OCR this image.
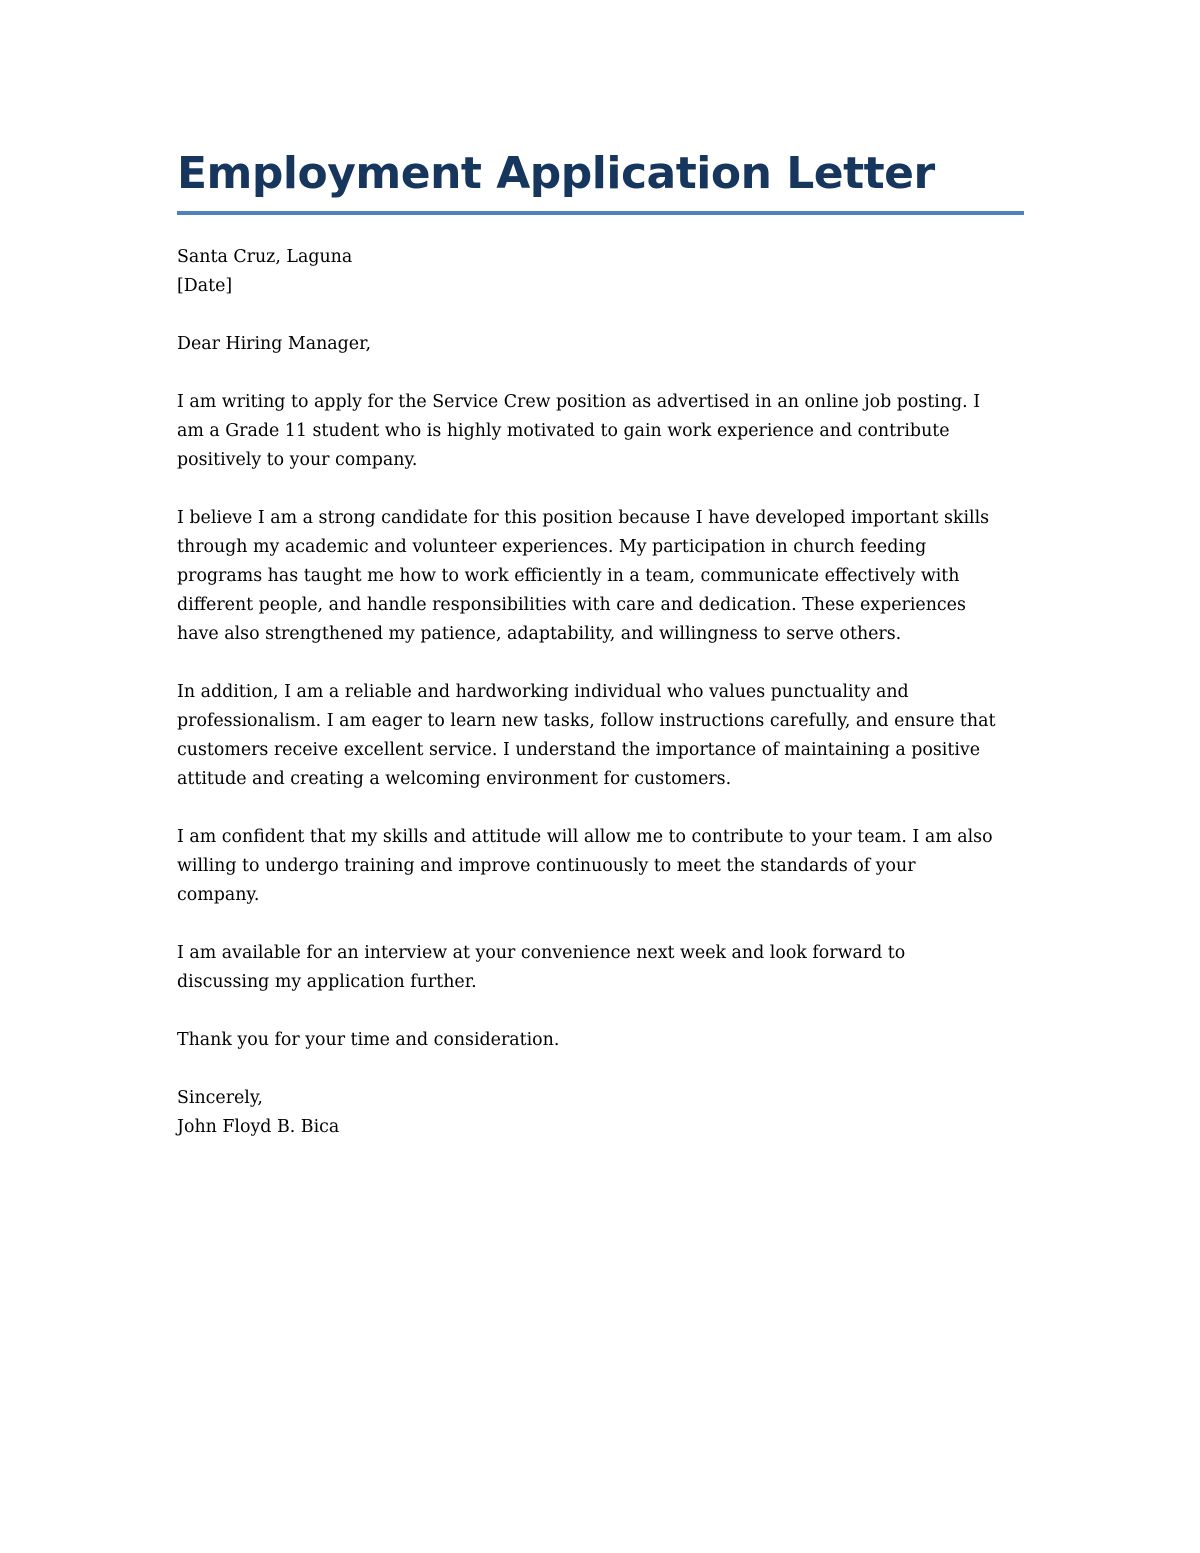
Employment Application Letter
Santa Cruz, Laguna
[Date]
Dear Hiring Manager,
I am writing to apply for the Service Crew position as advertised in an online job posting. I
am a Grade 11 student who is highly motivated to gain work experience and contribute
positively to your company.
I believe I am a strong candidate for this position because I have developed important skills
through my academic and volunteer experiences. My participation in church feeding
programs has taught me how to work efficiently in a team, communicate effectively with
different people, and handle responsibilities with care and dedication. These experiences
have also strengthened my patience, adaptability, and willingness to serve others.
In addition, I am a reliable and hardworking individual who values punctuality and
professionalism. I am eager to learn new tasks, follow instructions carefully, and ensure that
customers receive excellent service. I understand the importance of maintaining a positive
attitude and creating a welcoming environment for customers.
I am confident that my skills and attitude will allow me to contribute to your team. I am also
willing to undergo training and improve continuously to meet the standards of your
company.
I am available for an interview at your convenience next week and look forward to
discussing my application further.
Thank you for your time and consideration.
Sincerely,
John Floyd B. Bica
